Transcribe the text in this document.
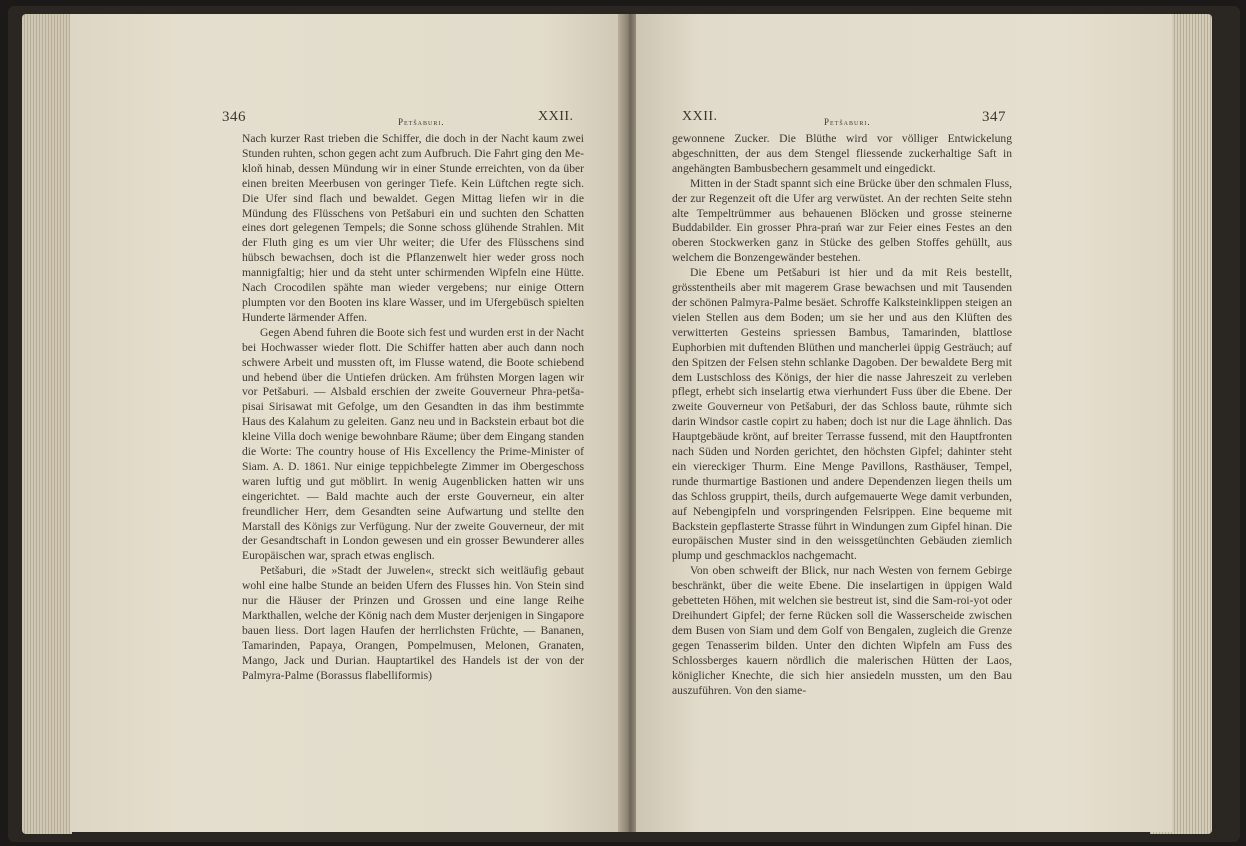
346	Petšaburi.	XXII.

Nach kurzer Rast trieben die Schiffer, die doch in der Nacht kaum zwei Stunden ruhten, schon gegen acht zum Aufbruch. Die Fahrt ging den Me-kloň hinab, dessen Mündung wir in einer Stunde erreichten, von da über einen breiten Meerbusen von geringer Tiefe. Kein Lüftchen regte sich. Die Ufer sind flach und bewaldet. Gegen Mittag liefen wir in die Mündung des Flüsschens von Petšaburi ein und suchten den Schatten eines dort gelegenen Tempels; die Sonne schoss glühende Strahlen. Mit der Fluth ging es um vier Uhr weiter; die Ufer des Flüsschens sind hübsch bewachsen, doch ist die Pflanzenwelt hier weder gross noch mannigfaltig; hier und da steht unter schirmenden Wipfeln eine Hütte. Nach Crocodilen spähte man wieder vergebens; nur einige Ottern plumpten vor den Booten ins klare Wasser, und im Ufergebüsch spielten Hunderte lärmender Affen.

Gegen Abend fuhren die Boote sich fest und wurden erst in der Nacht bei Hochwasser wieder flott. Die Schiffer hatten aber auch dann noch schwere Arbeit und mussten oft, im Flusse watend, die Boote schiebend und hebend über die Untiefen drücken. Am frühsten Morgen lagen wir vor Petšaburi. — Alsbald erschien der zweite Gouverneur Phra-petša-pisai Sirisawat mit Gefolge, um den Gesandten in das ihm bestimmte Haus des Kalahum zu geleiten. Ganz neu und in Backstein erbaut bot die kleine Villa doch wenige bewohnbare Räume; über dem Eingang standen die Worte: The country house of His Excellency the Prime-Minister of Siam. A. D. 1861. Nur einige teppichbelegte Zimmer im Obergeschoss waren luftig und gut möblirt. In wenig Augenblicken hatten wir uns eingerichtet. — Bald machte auch der erste Gouverneur, ein alter freundlicher Herr, dem Gesandten seine Aufwartung und stellte den Marstall des Königs zur Verfügung. Nur der zweite Gouverneur, der mit der Gesandtschaft in London gewesen und ein grosser Bewunderer alles Europäischen war, sprach etwas englisch.

Petšaburi, die »Stadt der Juwelen«, streckt sich weitläufig gebaut wohl eine halbe Stunde an beiden Ufern des Flusses hin. Von Stein sind nur die Häuser der Prinzen und Grossen und eine lange Reihe Markthallen, welche der König nach dem Muster derjenigen in Singapore bauen liess. Dort lagen Haufen der herrlichsten Früchte, — Bananen, Tamarinden, Papaya, Orangen, Pompelmusen, Melonen, Granaten, Mango, Jack und Durian. Hauptartikel des Handels ist der von der Palmyra-Palme (Borassus flabelliformis)

XXII.	Petšaburi.	347

gewonnene Zucker. Die Blüthe wird vor völliger Entwickelung abgeschnitten, der aus dem Stengel fliessende zuckerhaltige Saft in angehängten Bambusbechern gesammelt und eingedickt.

Mitten in der Stadt spannt sich eine Brücke über den schmalen Fluss, der zur Regenzeit oft die Ufer arg verwüstet. An der rechten Seite stehn alte Tempeltrümmer aus behauenen Blöcken und grosse steinerne Buddabilder. Ein grosser Phra-prań war zur Feier eines Festes an den oberen Stockwerken ganz in Stücke des gelben Stoffes gehüllt, aus welchem die Bonzengewänder bestehen.

Die Ebene um Petšaburi ist hier und da mit Reis bestellt, grösstentheils aber mit magerem Grase bewachsen und mit Tausenden der schönen Palmyra-Palme besäet. Schroffe Kalksteinklippen steigen an vielen Stellen aus dem Boden; um sie her und aus den Klüften des verwitterten Gesteins spriessen Bambus, Tamarinden, blattlose Euphorbien mit duftenden Blüthen und mancherlei üppig Gesträuch; auf den Spitzen der Felsen stehn schlanke Dagoben. Der bewaldete Berg mit dem Lustschloss des Königs, der hier die nasse Jahreszeit zu verleben pflegt, erhebt sich inselartig etwa vierhundert Fuss über die Ebene. Der zweite Gouverneur von Petšaburi, der das Schloss baute, rühmte sich darin Windsor castle copirt zu haben; doch ist nur die Lage ähnlich. Das Hauptgebäude krönt, auf breiter Terrasse fussend, mit den Hauptfronten nach Süden und Norden gerichtet, den höchsten Gipfel; dahinter steht ein viereckiger Thurm. Eine Menge Pavillons, Rasthäuser, Tempel, runde thurmartige Bastionen und andere Dependenzen liegen theils um das Schloss gruppirt, theils, durch aufgemauerte Wege damit verbunden, auf Nebengipfeln und vorspringenden Felsrippen. Eine bequeme mit Backstein gepflasterte Strasse führt in Windungen zum Gipfel hinan. Die europäischen Muster sind in den weissgetünchten Gebäuden ziemlich plump und geschmacklos nachgemacht.

Von oben schweift der Blick, nur nach Westen von fernem Gebirge beschränkt, über die weite Ebene. Die inselartigen in üppigen Wald gebetteten Höhen, mit welchen sie bestreut ist, sind die Sam-roi-yot oder Dreihundert Gipfel; der ferne Rücken soll die Wasserscheide zwischen dem Busen von Siam und dem Golf von Bengalen, zugleich die Grenze gegen Tenasserim bilden. Unter den dichten Wipfeln am Fuss des Schlossberges kauern nördlich die malerischen Hütten der Laos, königlicher Knechte, die sich hier ansiedeln mussten, um den Bau auszuführen. Von den siame-
